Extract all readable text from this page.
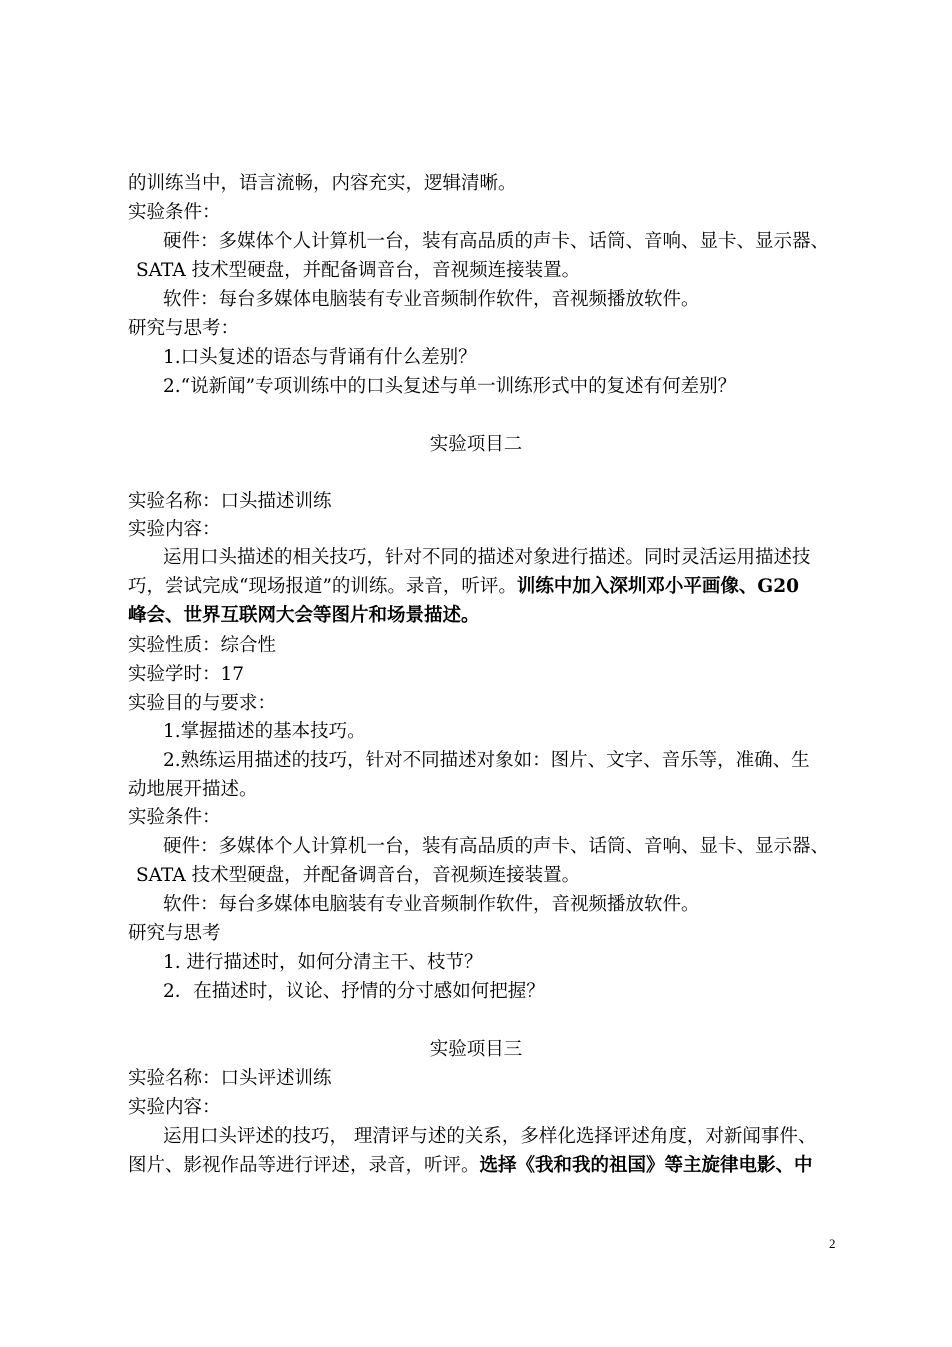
的训练当中，语言流畅，内容充实，逻辑清晰。
实验条件：
硬件：多媒体个人计算机一台，装有高品质的声卡、话筒、音响、显卡、显示器、
SATA 技术型硬盘，并配备调音台，音视频连接装置。
软件：每台多媒体电脑装有专业音频制作软件，音视频播放软件。
研究与思考：
1.口头复述的语态与背诵有什么差别？
2.“说新闻”专项训练中的口头复述与单一训练形式中的复述有何差别？
实验项目二
实验名称：口头描述训练
实验内容：
运用口头描述的相关技巧，针对不同的描述对象进行描述。同时灵活运用描述技
巧，尝试完成“现场报道”的训练。录音，听评。训练中加入深圳邓小平画像、G20
峰会、世界互联网大会等图片和场景描述。
实验性质：综合性
实验学时：17
实验目的与要求：
1.掌握描述的基本技巧。
2.熟练运用描述的技巧，针对不同描述对象如：图片、文字、音乐等，准确、生
动地展开描述。
实验条件：
硬件：多媒体个人计算机一台，装有高品质的声卡、话筒、音响、显卡、显示器、
SATA 技术型硬盘，并配备调音台，音视频连接装置。
软件：每台多媒体电脑装有专业音频制作软件，音视频播放软件。
研究与思考
1. 进行描述时，如何分清主干、枝节？
2．在描述时，议论、抒情的分寸感如何把握？
实验项目三
实验名称：口头评述训练
实验内容：
运用口头评述的技巧， 理清评与述的关系，多样化选择评述角度，对新闻事件、
图片、影视作品等进行评述，录音，听评。选择《我和我的祖国》等主旋律电影、中
2
